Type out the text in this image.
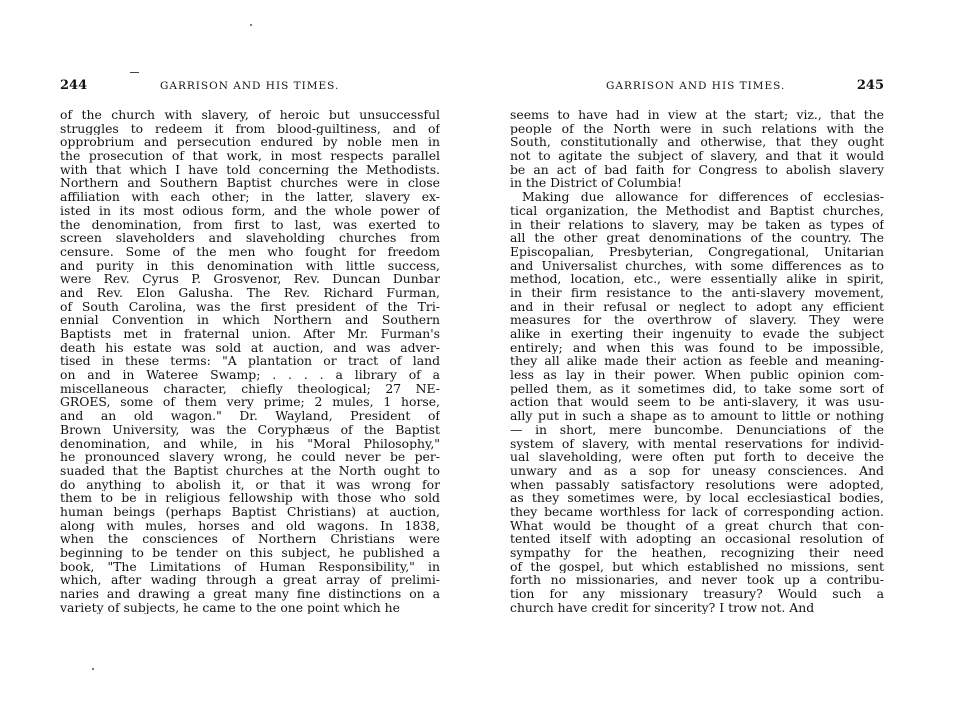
244	GARRISON AND HIS TIMES.
of the church with slavery, of heroic but unsuccessful
struggles to redeem it from blood-guiltiness, and of
opprobrium and persecution endured by noble men in
the prosecution of that work, in most respects parallel
with that which I have told concerning the Methodists.
Northern and Southern Baptist churches were in close
affiliation with each other; in the latter, slavery ex-
isted in its most odious form, and the whole power of
the denomination, from first to last, was exerted to
screen slaveholders and slaveholding churches from
censure. Some of the men who fought for freedom
and purity in this denomination with little success,
were Rev. Cyrus P. Grosvenor, Rev. Duncan Dunbar
and Rev. Elon Galusha. The Rev. Richard Furman,
of South Carolina, was the first president of the Tri-
ennial Convention in which Northern and Southern
Baptists met in fraternal union. After Mr. Furman's
death his estate was sold at auction, and was adver-
tised in these terms: "A plantation or tract of land
on and in Wateree Swamp; . . . . a library of a
miscellaneous character, chiefly theological; 27 NE-
GROES, some of them very prime; 2 mules, 1 horse,
and an old wagon." Dr. Wayland, President of
Brown University, was the Coryphæus of the Baptist
denomination, and while, in his "Moral Philosophy,"
he pronounced slavery wrong, he could never be per-
suaded that the Baptist churches at the North ought to
do anything to abolish it, or that it was wrong for
them to be in religious fellowship with those who sold
human beings (perhaps Baptist Christians) at auction,
along with mules, horses and old wagons. In 1838,
when the consciences of Northern Christians were
beginning to be tender on this subject, he published a
book, "The Limitations of Human Responsibility," in
which, after wading through a great array of prelimi-
naries and drawing a great many fine distinctions on a
variety of subjects, he came to the one point which he
GARRISON AND HIS TIMES.	245
seems to have had in view at the start; viz., that the
people of the North were in such relations with the
South, constitutionally and otherwise, that they ought
not to agitate the subject of slavery, and that it would
be an act of bad faith for Congress to abolish slavery
in the District of Columbia!
Making due allowance for differences of ecclesias-
tical organization, the Methodist and Baptist churches,
in their relations to slavery, may be taken as types of
all the other great denominations of the country. The
Episcopalian, Presbyterian, Congregational, Unitarian
and Universalist churches, with some differences as to
method, location, etc., were essentially alike in spirit,
in their firm resistance to the anti-slavery movement,
and in their refusal or neglect to adopt any efficient
measures for the overthrow of slavery. They were
alike in exerting their ingenuity to evade the subject
entirely; and when this was found to be impossible,
they all alike made their action as feeble and meaning-
less as lay in their power. When public opinion com-
pelled them, as it sometimes did, to take some sort of
action that would seem to be anti-slavery, it was usu-
ally put in such a shape as to amount to little or nothing
— in short, mere buncombe. Denunciations of the
system of slavery, with mental reservations for individ-
ual slaveholding, were often put forth to deceive the
unwary and as a sop for uneasy consciences. And
when passably satisfactory resolutions were adopted,
as they sometimes were, by local ecclesiastical bodies,
they became worthless for lack of corresponding action.
What would be thought of a great church that con-
tented itself with adopting an occasional resolution of
sympathy for the heathen, recognizing their need
of the gospel, but which established no missions, sent
forth no missionaries, and never took up a contribu-
tion for any missionary treasury? Would such a
church have credit for sincerity? I trow not. And
